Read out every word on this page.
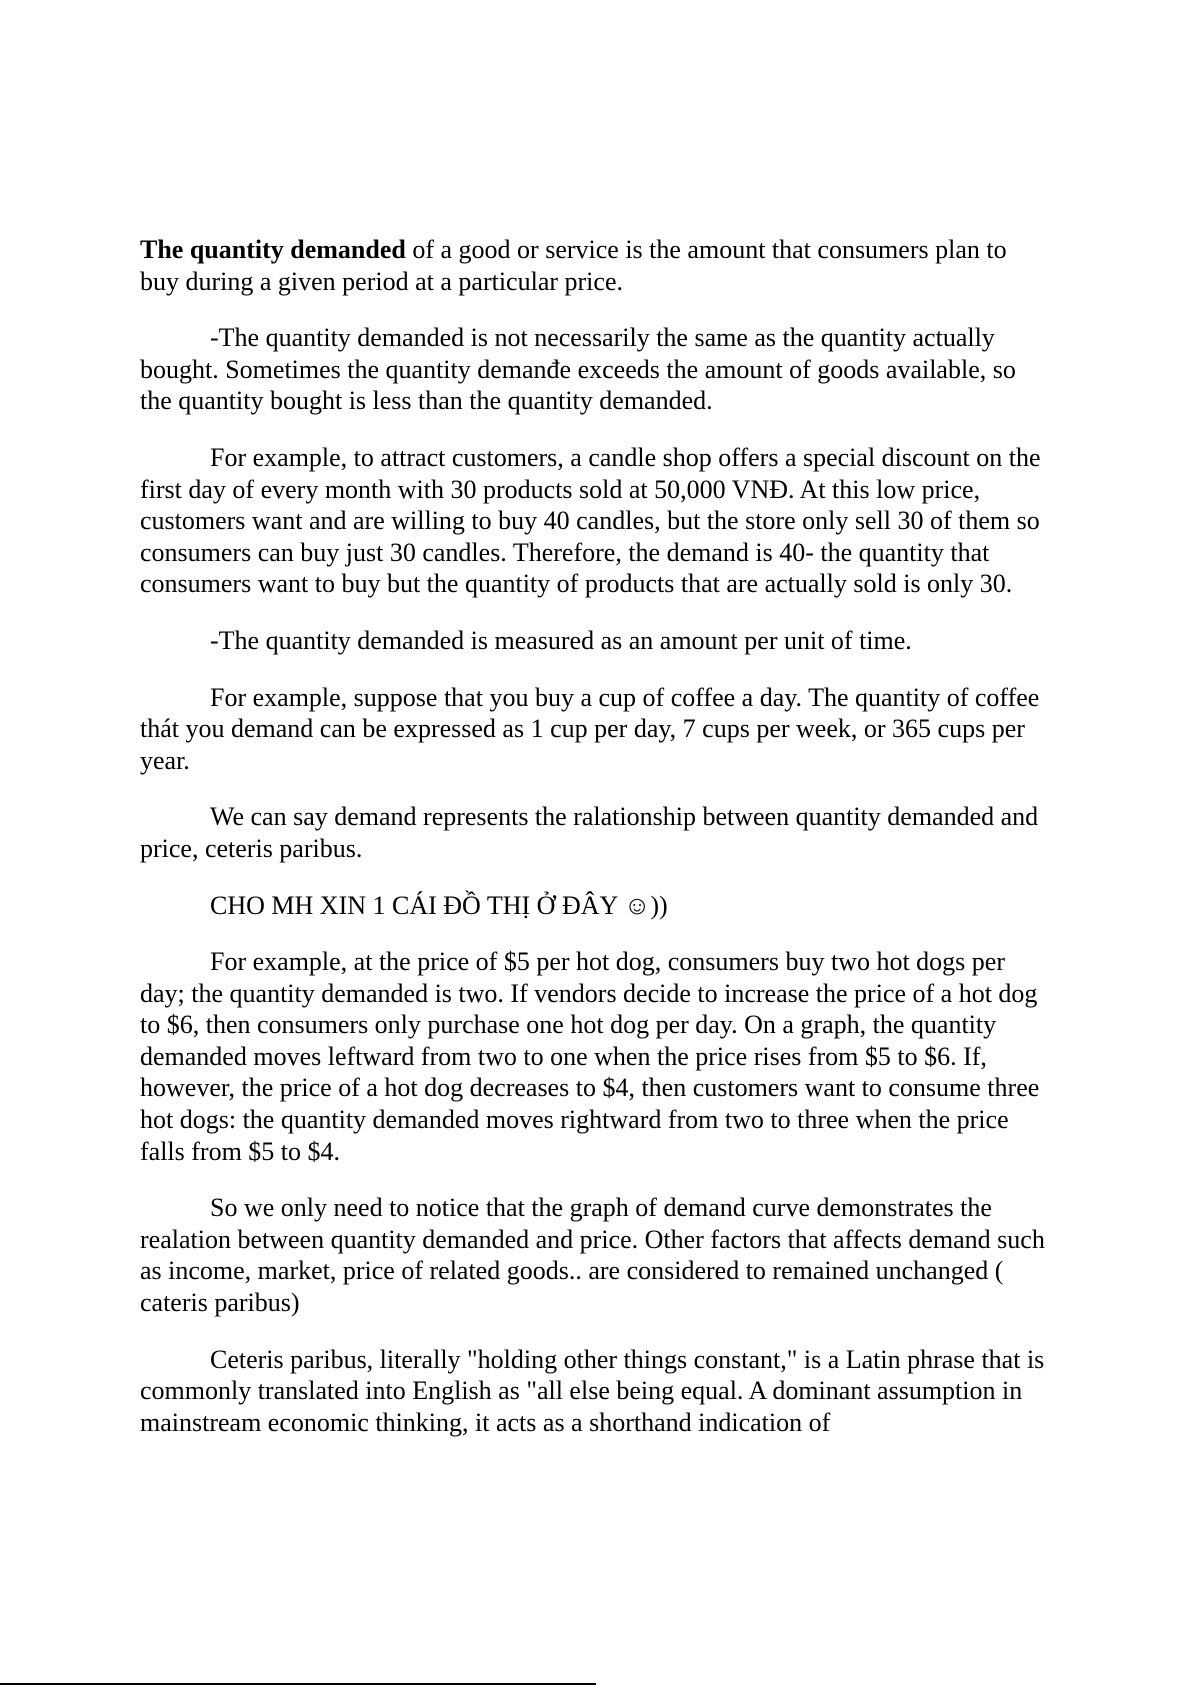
The quantity demanded of a good or service is the amount that consumers plan to buy during a given period at a particular price.

-The quantity demanded is not necessarily the same as the quantity actually bought. Sometimes the quantity demanđe exceeds the amount of goods available, so the quantity bought is less than the quantity demanded.

For example, to attract customers, a candle shop offers a special discount on the first day of every month with 30 products sold at 50,000 VNĐ. At this low price, customers want and are willing to buy 40 candles, but the store only sell 30 of them so consumers can buy just 30 candles. Therefore, the demand is 40- the quantity that consumers want to buy but the quantity of products that are actually sold is only 30.

-The quantity demanded is measured as an amount per unit of time.

For example, suppose that you buy a cup of coffee a day. The quantity of coffee thát you demand can be expressed as 1 cup per day, 7 cups per week, or 365 cups per year.

We can say demand represents the ralationship between quantity demanded and price, ceteris paribus.

CHO MH XIN 1 CÁI ĐỒ THỊ Ở ĐÂY ☺))

For example, at the price of $5 per hot dog, consumers buy two hot dogs per day; the quantity demanded is two. If vendors decide to increase the price of a hot dog to $6, then consumers only purchase one hot dog per day. On a graph, the quantity demanded moves leftward from two to one when the price rises from $5 to $6. If, however, the price of a hot dog decreases to $4, then customers want to consume three hot dogs: the quantity demanded moves rightward from two to three when the price falls from $5 to $4.

So we only need to notice that the graph of demand curve demonstrates the realation between quantity demanded and price. Other factors that affects demand such as income, market, price of related goods.. are considered to remained unchanged ( cateris paribus)

Ceteris paribus, literally "holding other things constant," is a Latin phrase that is commonly translated into English as "all else being equal. A dominant assumption in mainstream economic thinking, it acts as a shorthand indication of
